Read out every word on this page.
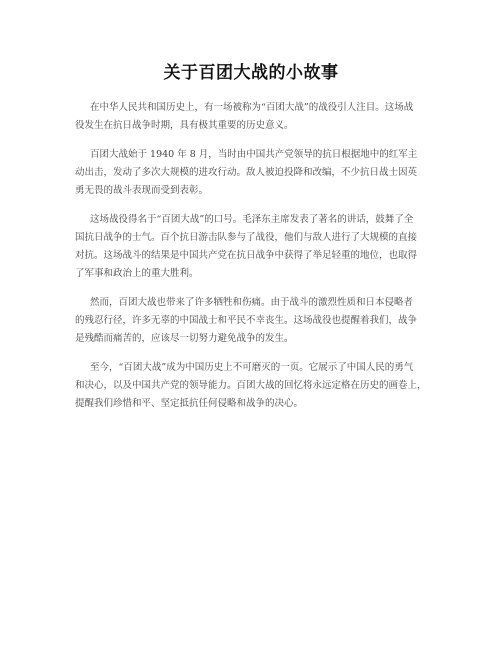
关于百团大战的小故事

在中华人民共和国历史上，有一场被称为“百团大战”的战役引人注目。这场战
役发生在抗日战争时期，具有极其重要的历史意义。

百团大战始于 1940 年 8 月，当时由中国共产党领导的抗日根据地中的红军主
动出击，发动了多次大规模的进攻行动。敌人被迫投降和改编，不少抗日战士因英
勇无畏的战斗表现而受到表彰。

这场战役得名于“百团大战”的口号。毛泽东主席发表了著名的讲话，鼓舞了全
国抗日战争的士气。百个抗日游击队参与了战役，他们与敌人进行了大规模的直接
对抗。这场战斗的结果是中国共产党在抗日战争中获得了举足轻重的地位，也取得
了军事和政治上的重大胜利。

然而，百团大战也带来了许多牺牲和伤痛。由于战斗的激烈性质和日本侵略者
的残忍行径，许多无辜的中国战士和平民不幸丧生。这场战役也提醒着我们，战争
是残酷而痛苦的，应该尽一切努力避免战争的发生。

至今，“百团大战”成为中国历史上不可磨灭的一页。它展示了中国人民的勇气
和决心，以及中国共产党的领导能力。百团大战的回忆将永远定格在历史的画卷上，
提醒我们珍惜和平、坚定抵抗任何侵略和战争的决心。
